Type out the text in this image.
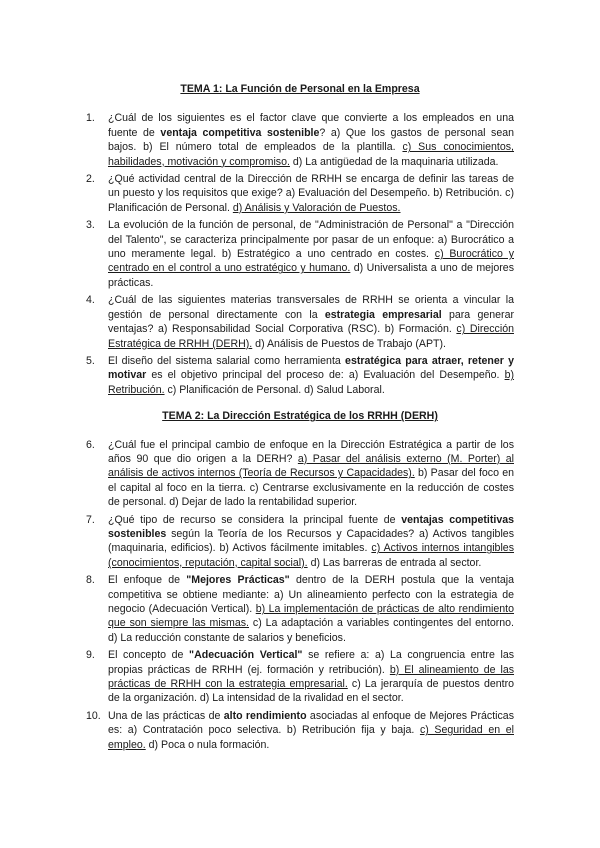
TEMA 1: La Función de Personal en la Empresa
1.	¿Cuál de los siguientes es el factor clave que convierte a los empleados en una fuente de ventaja competitiva sostenible? a) Que los gastos de personal sean bajos. b) El número total de empleados de la plantilla. c) Sus conocimientos, habilidades, motivación y compromiso. d) La antigüedad de la maquinaria utilizada.
2.	¿Qué actividad central de la Dirección de RRHH se encarga de definir las tareas de un puesto y los requisitos que exige? a) Evaluación del Desempeño. b) Retribución. c) Planificación de Personal. d) Análisis y Valoración de Puestos.
3.	La evolución de la función de personal, de "Administración de Personal" a "Dirección del Talento", se caracteriza principalmente por pasar de un enfoque: a) Burocrático a uno meramente legal. b) Estratégico a uno centrado en costes. c) Burocrático y centrado en el control a uno estratégico y humano. d) Universalista a uno de mejores prácticas.
4.	¿Cuál de las siguientes materias transversales de RRHH se orienta a vincular la gestión de personal directamente con la estrategia empresarial para generar ventajas? a) Responsabilidad Social Corporativa (RSC). b) Formación. c) Dirección Estratégica de RRHH (DERH). d) Análisis de Puestos de Trabajo (APT).
5.	El diseño del sistema salarial como herramienta estratégica para atraer, retener y motivar es el objetivo principal del proceso de: a) Evaluación del Desempeño. b) Retribución. c) Planificación de Personal. d) Salud Laboral.
TEMA 2: La Dirección Estratégica de los RRHH (DERH)
6.	¿Cuál fue el principal cambio de enfoque en la Dirección Estratégica a partir de los años 90 que dio origen a la DERH? a) Pasar del análisis externo (M. Porter) al análisis de activos internos (Teoría de Recursos y Capacidades). b) Pasar del foco en el capital al foco en la tierra. c) Centrarse exclusivamente en la reducción de costes de personal. d) Dejar de lado la rentabilidad superior.
7.	¿Qué tipo de recurso se considera la principal fuente de ventajas competitivas sostenibles según la Teoría de los Recursos y Capacidades? a) Activos tangibles (maquinaria, edificios). b) Activos fácilmente imitables. c) Activos internos intangibles (conocimientos, reputación, capital social). d) Las barreras de entrada al sector.
8.	El enfoque de "Mejores Prácticas" dentro de la DERH postula que la ventaja competitiva se obtiene mediante: a) Un alineamiento perfecto con la estrategia de negocio (Adecuación Vertical). b) La implementación de prácticas de alto rendimiento que son siempre las mismas. c) La adaptación a variables contingentes del entorno. d) La reducción constante de salarios y beneficios.
9.	El concepto de "Adecuación Vertical" se refiere a: a) La congruencia entre las propias prácticas de RRHH (ej. formación y retribución). b) El alineamiento de las prácticas de RRHH con la estrategia empresarial. c) La jerarquía de puestos dentro de la organización. d) La intensidad de la rivalidad en el sector.
10. Una de las prácticas de alto rendimiento asociadas al enfoque de Mejores Prácticas es: a) Contratación poco selectiva. b) Retribución fija y baja. c) Seguridad en el empleo. d) Poca o nula formación.
